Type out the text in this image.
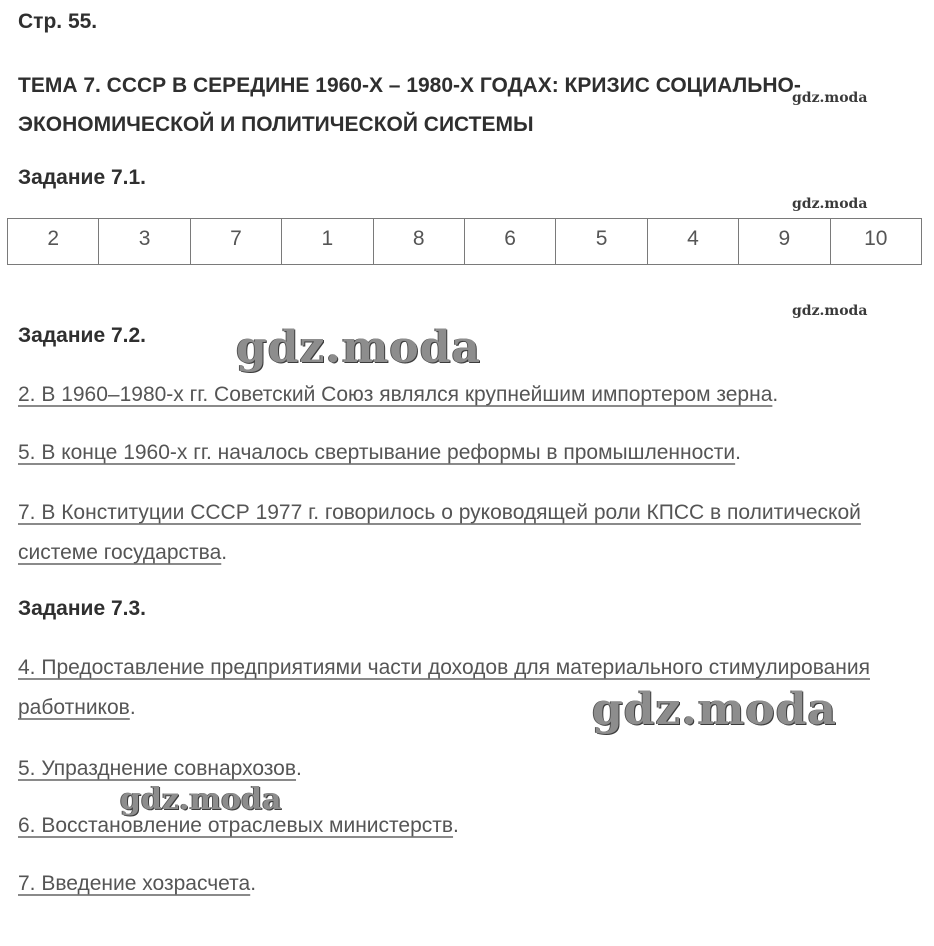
Стр. 55.
ТЕМА 7. СССР В СЕРЕДИНЕ 1960-Х – 1980-Х ГОДАХ: КРИЗИС СОЦИАЛЬНО-ЭКОНОМИЧЕСКОЙ И ПОЛИТИЧЕСКОЙ СИСТЕМЫ
Задание 7.1.
2	3	7	1	8	6	5	4	9	10
Задание 7.2.
2. В 1960–1980-х гг. Советский Союз являлся крупнейшим импортером зерна.
5. В конце 1960-х гг. началось свертывание реформы в промышленности.
7. В Конституции СССР 1977 г. говорилось о руководящей роли КПСС в политической системе государства.
Задание 7.3.
4. Предоставление предприятиями части доходов для материального стимулирования работников.
5. Упразднение совнархозов.
6. Восстановление отраслевых министерств.
7. Введение хозрасчета.
gdz.moda
gdz.moda
gdz.moda
gdz.moda
gdz.moda
gdz.moda
